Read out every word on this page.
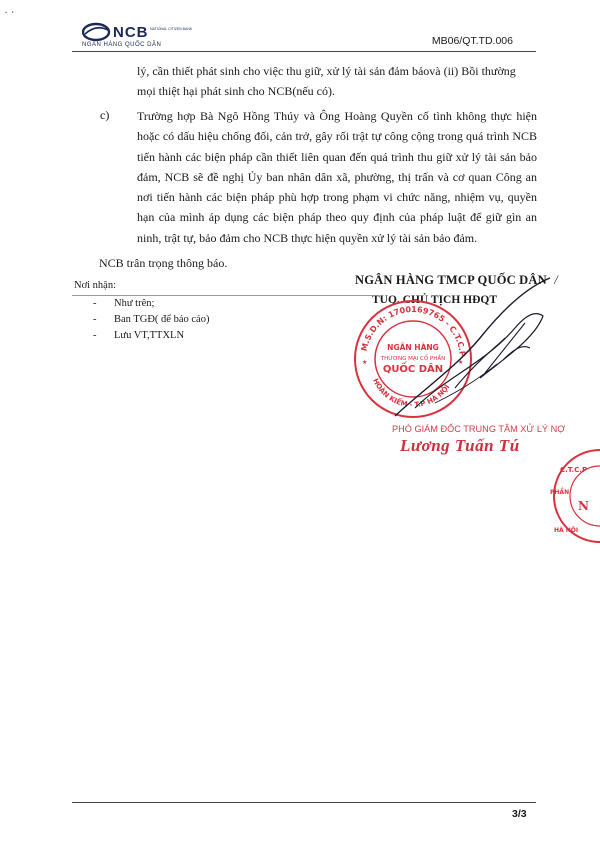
· ∙
NCB NATIONAL CITIZEN BANK
NGÂN HÀNG QUỐC DÂN	MB06/QT.TD.006
lý, cần thiết phát sinh cho việc thu giữ, xử lý tài sản đảm bảovà (ii) Bồi thường
mọi thiệt hại phát sinh cho NCB(nếu có).
c) Trường hợp Bà Ngô Hồng Thúy và Ông Hoàng Quyền cố tình không thực hiện hoặc có dấu hiệu chống đối, cản trở, gây rối trật tự công cộng trong quá trình NCB tiến hành các biện pháp cần thiết liên quan đến quá trình thu giữ xử lý tài sản bảo đảm, NCB sẽ đề nghị Ủy ban nhân dân xã, phường, thị trấn và cơ quan Công an nơi tiến hành các biện pháp phù hợp trong phạm vi chức năng, nhiệm vụ, quyền hạn của mình áp dụng các biện pháp theo quy định của pháp luật để giữ gìn an ninh, trật tự, bảo đảm cho NCB thực hiện quyền xử lý tài sản bảo đảm.
NCB trân trọng thông báo.
Nơi nhận:
- Như trên;
- Ban TGĐ( để báo cáo)
- Lưu VT,TTXLN
NGÂN HÀNG TMCP QUỐC DÂN /
TUQ. CHỦ TỊCH HĐQT
M.S.D.N: 1700169765 - C.T.C.P
HOÀN KIẾM - T.P HÀ NỘI
NGÂN HÀNG
THƯƠNG MẠI CỔ PHẦN
QUỐC DÂN
★	★
PHÓ GIÁM ĐỐC TRUNG TÂM XỬ LÝ NỢ
Lương Tuấn Tú
C.T.C.P
PHẦN
N
HÀ NỘI
3/3
